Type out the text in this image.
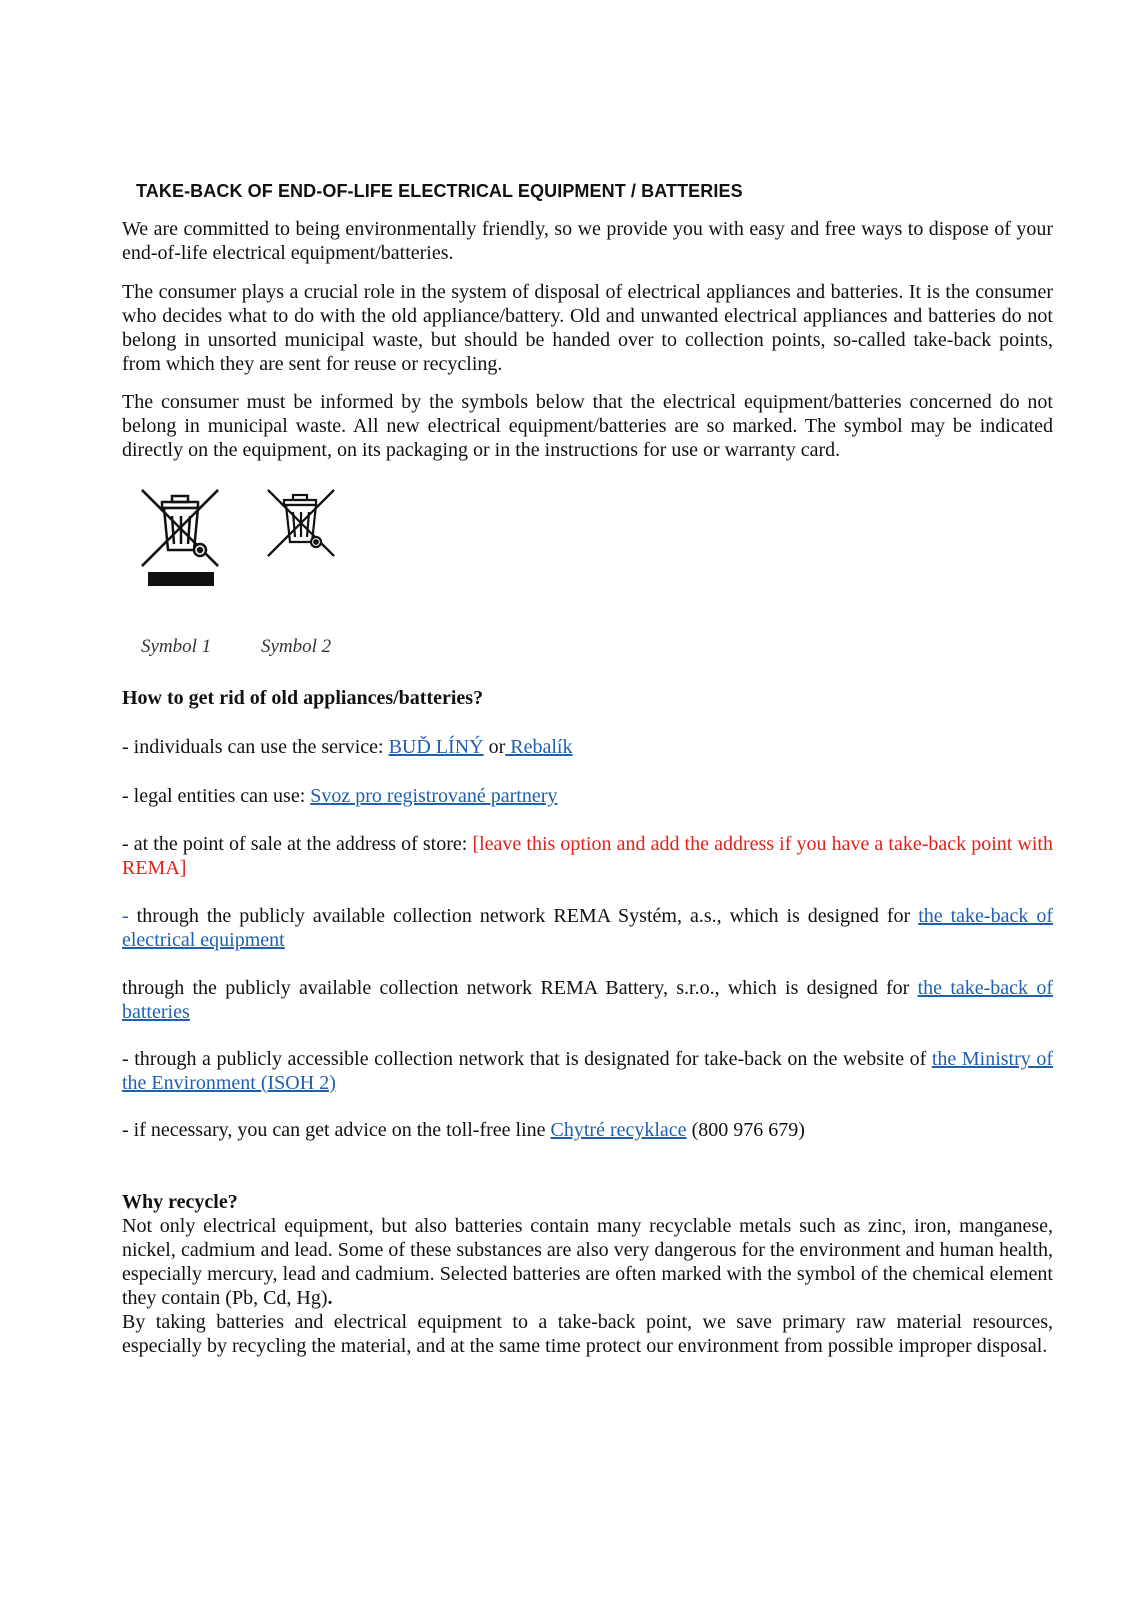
TAKE-BACK OF END-OF-LIFE ELECTRICAL EQUIPMENT / BATTERIES

We are committed to being environmentally friendly, so we provide you with easy and free ways to dispose of your end-of-life electrical equipment/batteries.

The consumer plays a crucial role in the system of disposal of electrical appliances and batteries. It is the consumer who decides what to do with the old appliance/battery. Old and unwanted electrical appliances and batteries do not belong in unsorted municipal waste, but should be handed over to collection points, so-called take-back points, from which they are sent for reuse or recycling.

The consumer must be informed by the symbols below that the electrical equipment/batteries concerned do not belong in municipal waste. All new electrical equipment/batteries are so marked. The symbol may be indicated directly on the equipment, on its packaging or in the instructions for use or warranty card.

Symbol 1	Symbol 2

How to get rid of old appliances/batteries?

- individuals can use the service: BUĎ LÍNÝ or Rebalík

- legal entities can use: Svoz pro registrované partnery

- at the point of sale at the address of store: [leave this option and add the address if you have a take-back point with REMA]

- through the publicly available collection network REMA Systém, a.s., which is designed for the take-back of electrical equipment

through the publicly available collection network REMA Battery, s.r.o., which is designed for the take-back of batteries

- through a publicly accessible collection network that is designated for take-back on the website of the Ministry of the Environment (ISOH 2)

- if necessary, you can get advice on the toll-free line Chytré recyklace (800 976 679)

Why recycle?

Not only electrical equipment, but also batteries contain many recyclable metals such as zinc, iron, manganese, nickel, cadmium and lead. Some of these substances are also very dangerous for the environment and human health, especially mercury, lead and cadmium. Selected batteries are often marked with the symbol of the chemical element they contain (Pb, Cd, Hg).

By taking batteries and electrical equipment to a take-back point, we save primary raw material resources, especially by recycling the material, and at the same time protect our environment from possible improper disposal.
